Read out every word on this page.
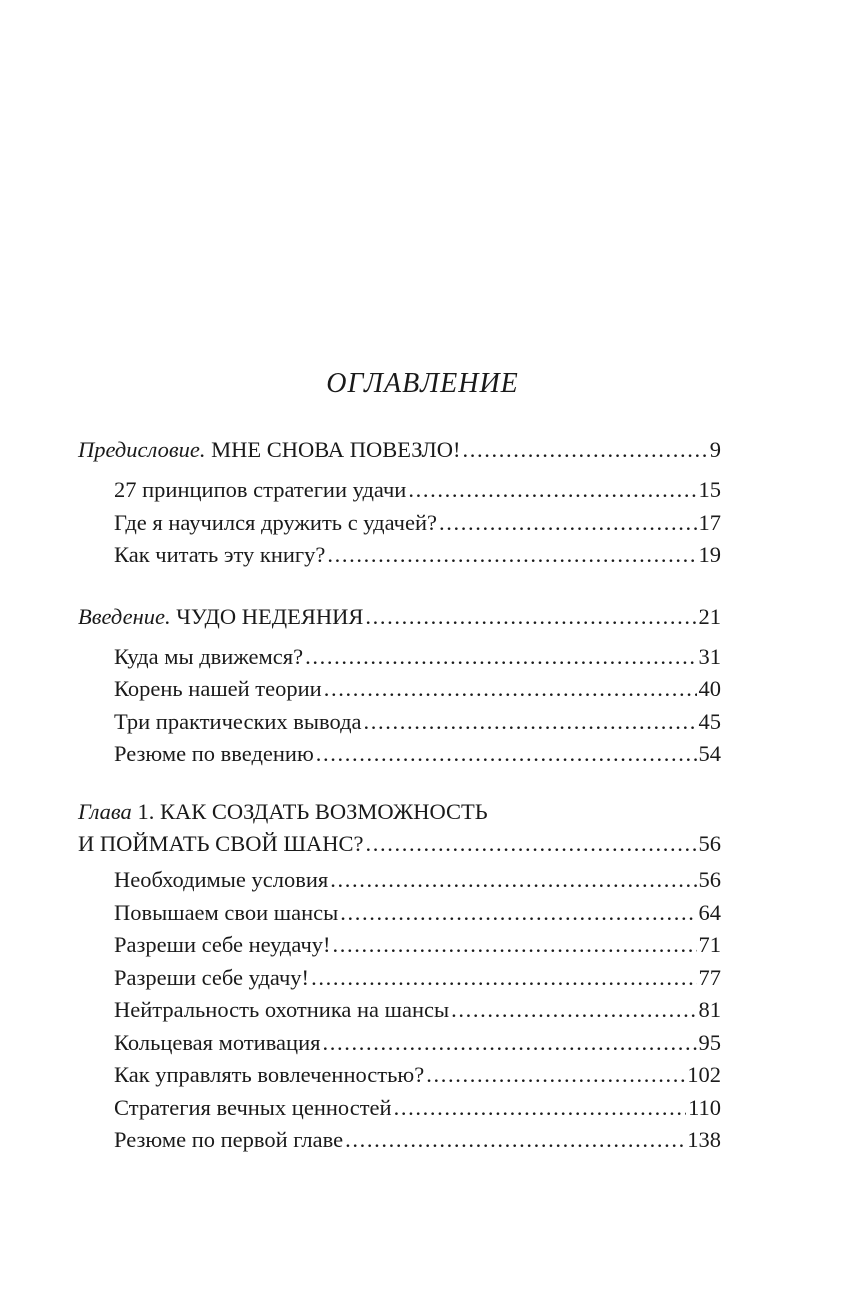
ОГЛАВЛЕНИЕ
Предисловие. МНЕ СНОВА ПОВЕЗЛО! . . .	9
27 принципов стратегии удачи . . .	15
Где я научился дружить с удачей? . . .	17
Как читать эту книгу? . . .	19
Введение. ЧУДО НЕДЕЯНИЯ . . .	21
Куда мы движемся? . . .	31
Корень нашей теории . . .	40
Три практических вывода . . .	45
Резюме по введению . . .	54
Глава 1. КАК СОЗДАТЬ ВОЗМОЖНОСТЬ
И ПОЙМАТЬ СВОЙ ШАНС? . . .	56
Необходимые условия . . .	56
Повышаем свои шансы . . .	64
Разреши себе неудачу! . . .	71
Разреши себе удачу! . . .	77
Нейтральность охотника на шансы . . .	81
Кольцевая мотивация . . .	95
Как управлять вовлеченностью? . . .	102
Стратегия вечных ценностей . . .	110
Резюме по первой главе . . .	138
